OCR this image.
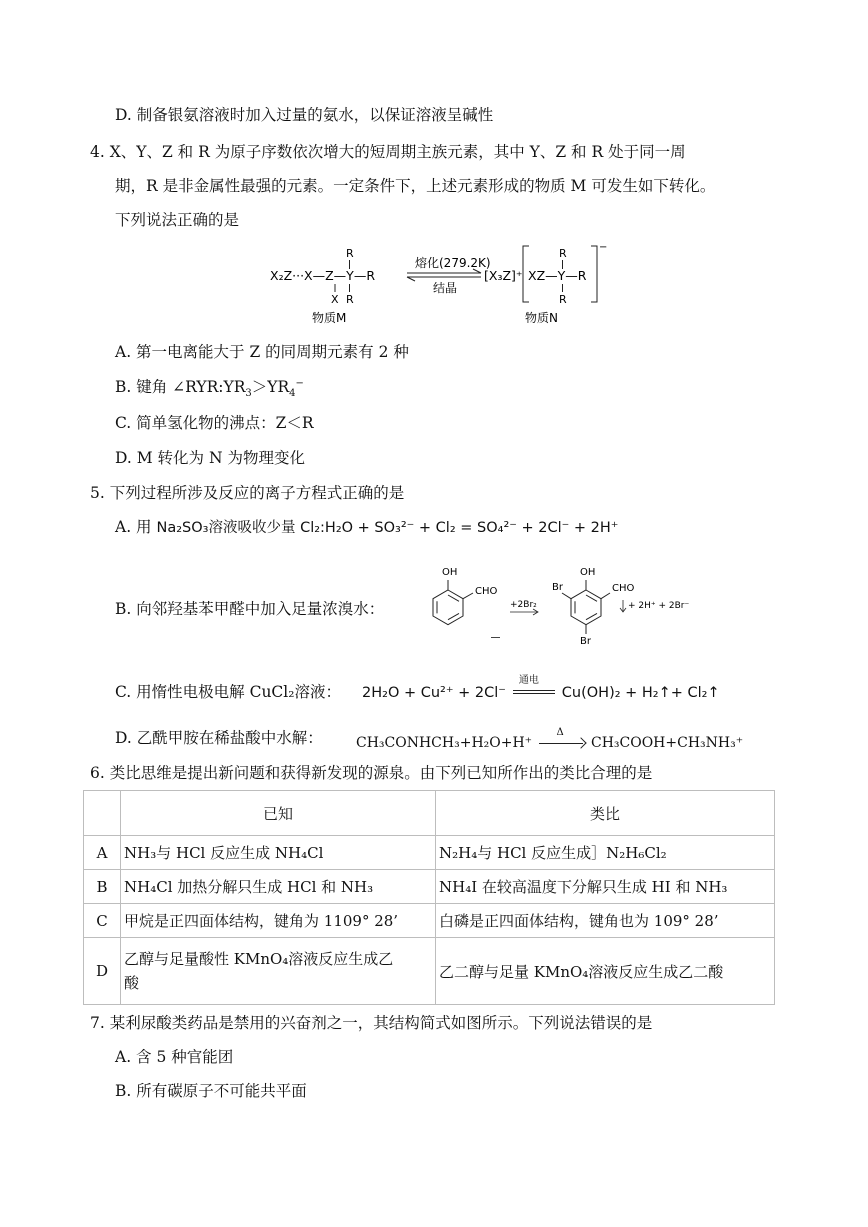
D. 制备银氨溶液时加入过量的氨水，以保证溶液呈碱性
4. X、Y、Z 和 R 为原子序数依次增大的短周期主族元素，其中 Y、Z 和 R 处于同一周
期，R 是非金属性最强的元素。一定条件下，上述元素形成的物质 M 可发生如下转化。
下列说法正确的是
X₂Z···X—Z—Y—R
R
R
X
物质M
熔化(279.2K)
结晶
[X₃Z]⁺
−
XZ—Y—R
R
R
物质N
A. 第一电离能大于 Z 的同周期元素有 2 种
B. 键角 $\angle RYR:YR_3>YR_4^-$
C. 简单氢化物的沸点：Z＜R
D. M 转化为 N 为物理变化
5. 下列过程所涉及反应的离子方程式正确的是
A. 用 Na₂SO₃溶液吸收少量 Cl₂:H₂O + SO₃²⁻ + Cl₂ = SO₄²⁻ + 2Cl⁻ + 2H⁺
B. 向邻羟基苯甲醛中加入足量浓溴水：
OH
CHO
+2Br₂
OH
Br	CHO
Br
+ 2H⁺ + 2Br⁻
C. 用惰性电极电解 CuCl₂溶液： 2H₂O + Cu²⁺ + 2Cl⁻
通电
Cu(OH)₂ + H₂↑+ Cl₂↑
D. 乙酰甲胺在稀盐酸中水解： CH₃CONHCH₃+H₂O+H⁺
Δ
CH₃COOH+CH₃NH₃⁺
6. 类比思维是提出新问题和获得新发现的源泉。由下列已知所作出的类比合理的是
	已知	类比
A	NH₃与 HCl 反应生成 NH₄Cl	N₂H₄与 HCl 反应生成］N₂H₆Cl₂
B	NH₄Cl 加热分解只生成 HCl 和 NH₃	NH₄I 在较高温度下分解只生成 HI 和 NH₃
C	甲烷是正四面体结构，键角为 1109° 28’	白磷是正四面体结构，键角也为 109° 28’
D	乙醇与足量酸性 KMnO₄溶液反应生成乙
酸	乙二醇与足量 KMnO₄溶液反应生成乙二酸
7. 某利尿酸类药品是禁用的兴奋剂之一，其结构简式如图所示。下列说法错误的是
A. 含 5 种官能团
B. 所有碳原子不可能共平面
